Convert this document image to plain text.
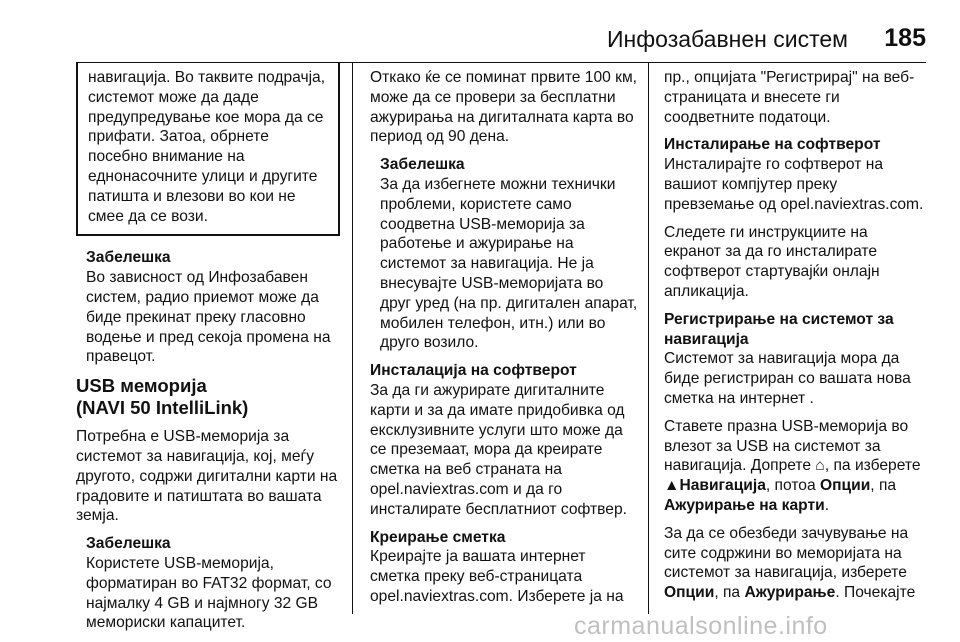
Инфозабавнен систем 185

навигација. Во таквите подрачја, системот може да даде предупредување кое мора да се прифати. Затоа, обрнете посебно внимание на еднонасочните улици и другите патишта и влезови во кои не смее да се вози.

Забелешка
Во зависност од Инфозабавен систем, радио приемот може да биде прекинат преку гласовно водење и пред секоја промена на правецот.
USB меморија
(NAVI 50 IntelliLink)

Потребна е USB-меморија за системот за навигација, кој, меѓу другото, содржи дигитални карти на градовите и патиштата во вашата земја.

Забелешка
Користете USB-меморија, форматиран во FAT32 формат, со најмалку 4 GB и најмногу 32 GB мемориски капацитет.

Откако ќе се поминат првите 100 км, може да се провери за бесплатни ажурирања на дигиталната карта во период од 90 дена.

Забелешка
За да избегнете можни технички проблеми, користете само соодветна USB-меморија за работење и ажурирање на системот за навигација. Не ја внесувајте USB-меморијата во друг уред (на пр. дигитален апарат, мобилен телефон, итн.) или во друго возило.
Инсталација на софтверот
За да ги ажурирате дигиталните карти и за да имате придобивка од ексклузивните услуги што може да се преземаат, мора да креирате сметка на веб страната на opel.naviextras.com и да го инсталирате бесплатниот софтвер.
Креирање сметка
Креирајте ја вашата интернет сметка преку веб-страницата opel.naviextras.com. Изберете ја на

пр., опцијата "Регистрирај" на веб-страницата и внесете ги соодветните податоци.

Инсталирање на софтверот
Инсталирајте го софтверот на вашиот компјутер преку превземање од opel.naviextras.com.

Следете ги инструкциите на екранот за да го инсталирате софтверот стартувајќи онлајн апликација.

Регистрирање на системот за навигација
Системот за навигација мора да биде регистриран со вашата нова сметка на интернет .

Ставете празна USB-меморија во влезот за USB на системот за навигација. Допрете ⌂, па изберете ▲Навигација, потоа Опции, па Ажурирање на карти.

За да се обезбеди зачувување на сите содржини во меморијата на системот за навигација, изберете Опции, па Ажурирање. Почекајте

carmanualsonline.info
